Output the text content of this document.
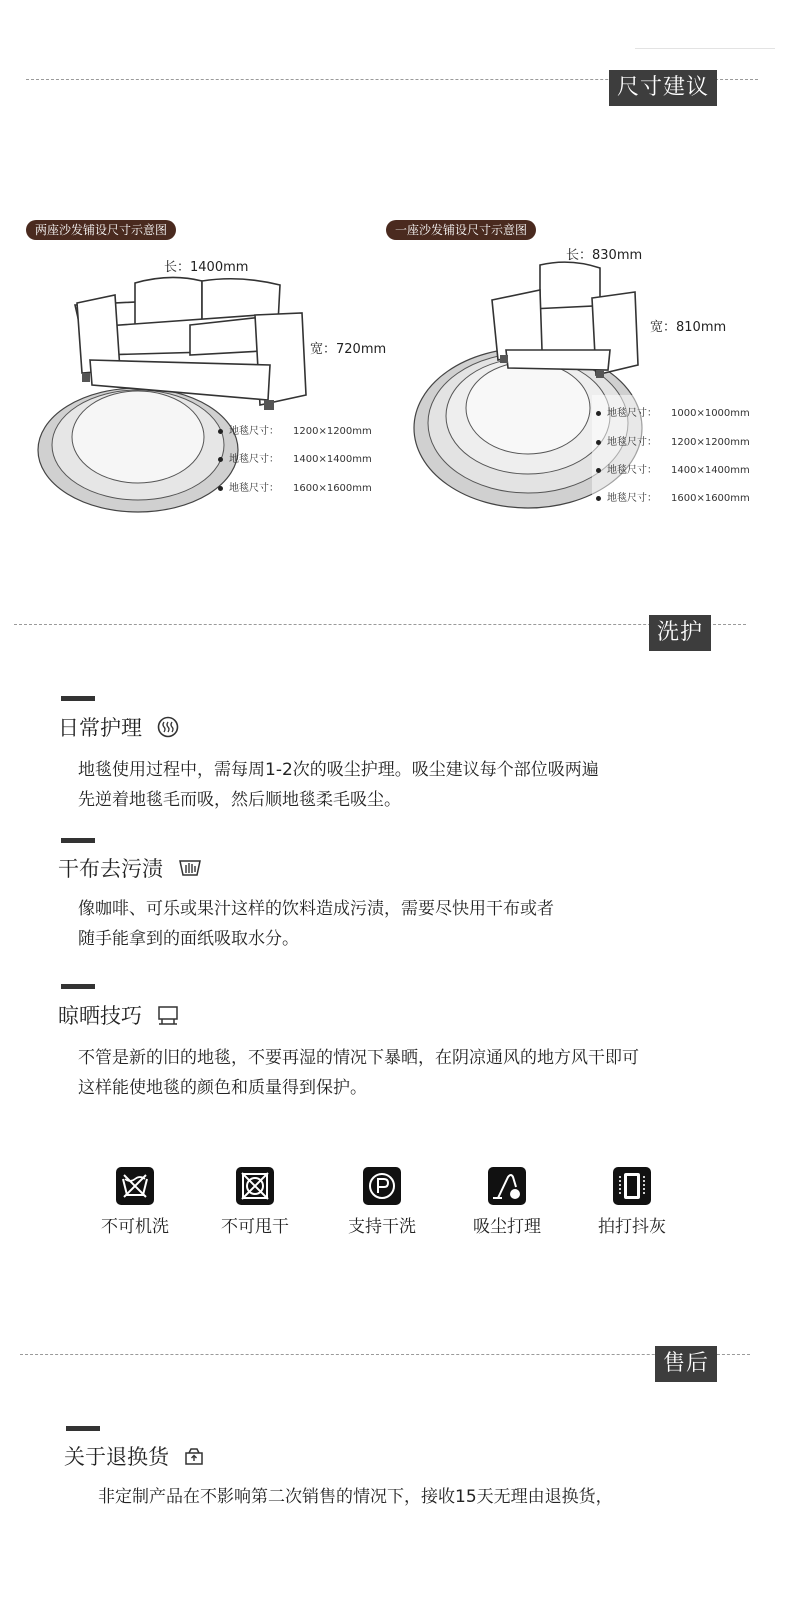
尺寸建议
两座沙发铺设尺寸示意图
长：1400mm
宽：720mm
地毯尺寸： 1200×1200mm
地毯尺寸： 1400×1400mm
地毯尺寸： 1600×1600mm
一座沙发铺设尺寸示意图
长：830mm
宽：810mm
地毯尺寸： 1000×1000mm
地毯尺寸： 1200×1200mm
地毯尺寸： 1400×1400mm
地毯尺寸： 1600×1600mm
洗护
日常护理
地毯使用过程中，需每周1-2次的吸尘护理。吸尘建议每个部位吸两遍
先逆着地毯毛而吸，然后顺地毯柔毛吸尘。
干布去污渍
像咖啡、可乐或果汁这样的饮料造成污渍，需要尽快用干布或者
随手能拿到的面纸吸取水分。
晾晒技巧
不管是新的旧的地毯，不要再湿的情况下暴晒，在阴凉通风的地方风干即可
这样能使地毯的颜色和质量得到保护。
不可机洗	不可甩干	支持干洗	吸尘打理	拍打抖灰
售后
关于退换货
非定制产品在不影响第二次销售的情况下，接收15天无理由退换货，
